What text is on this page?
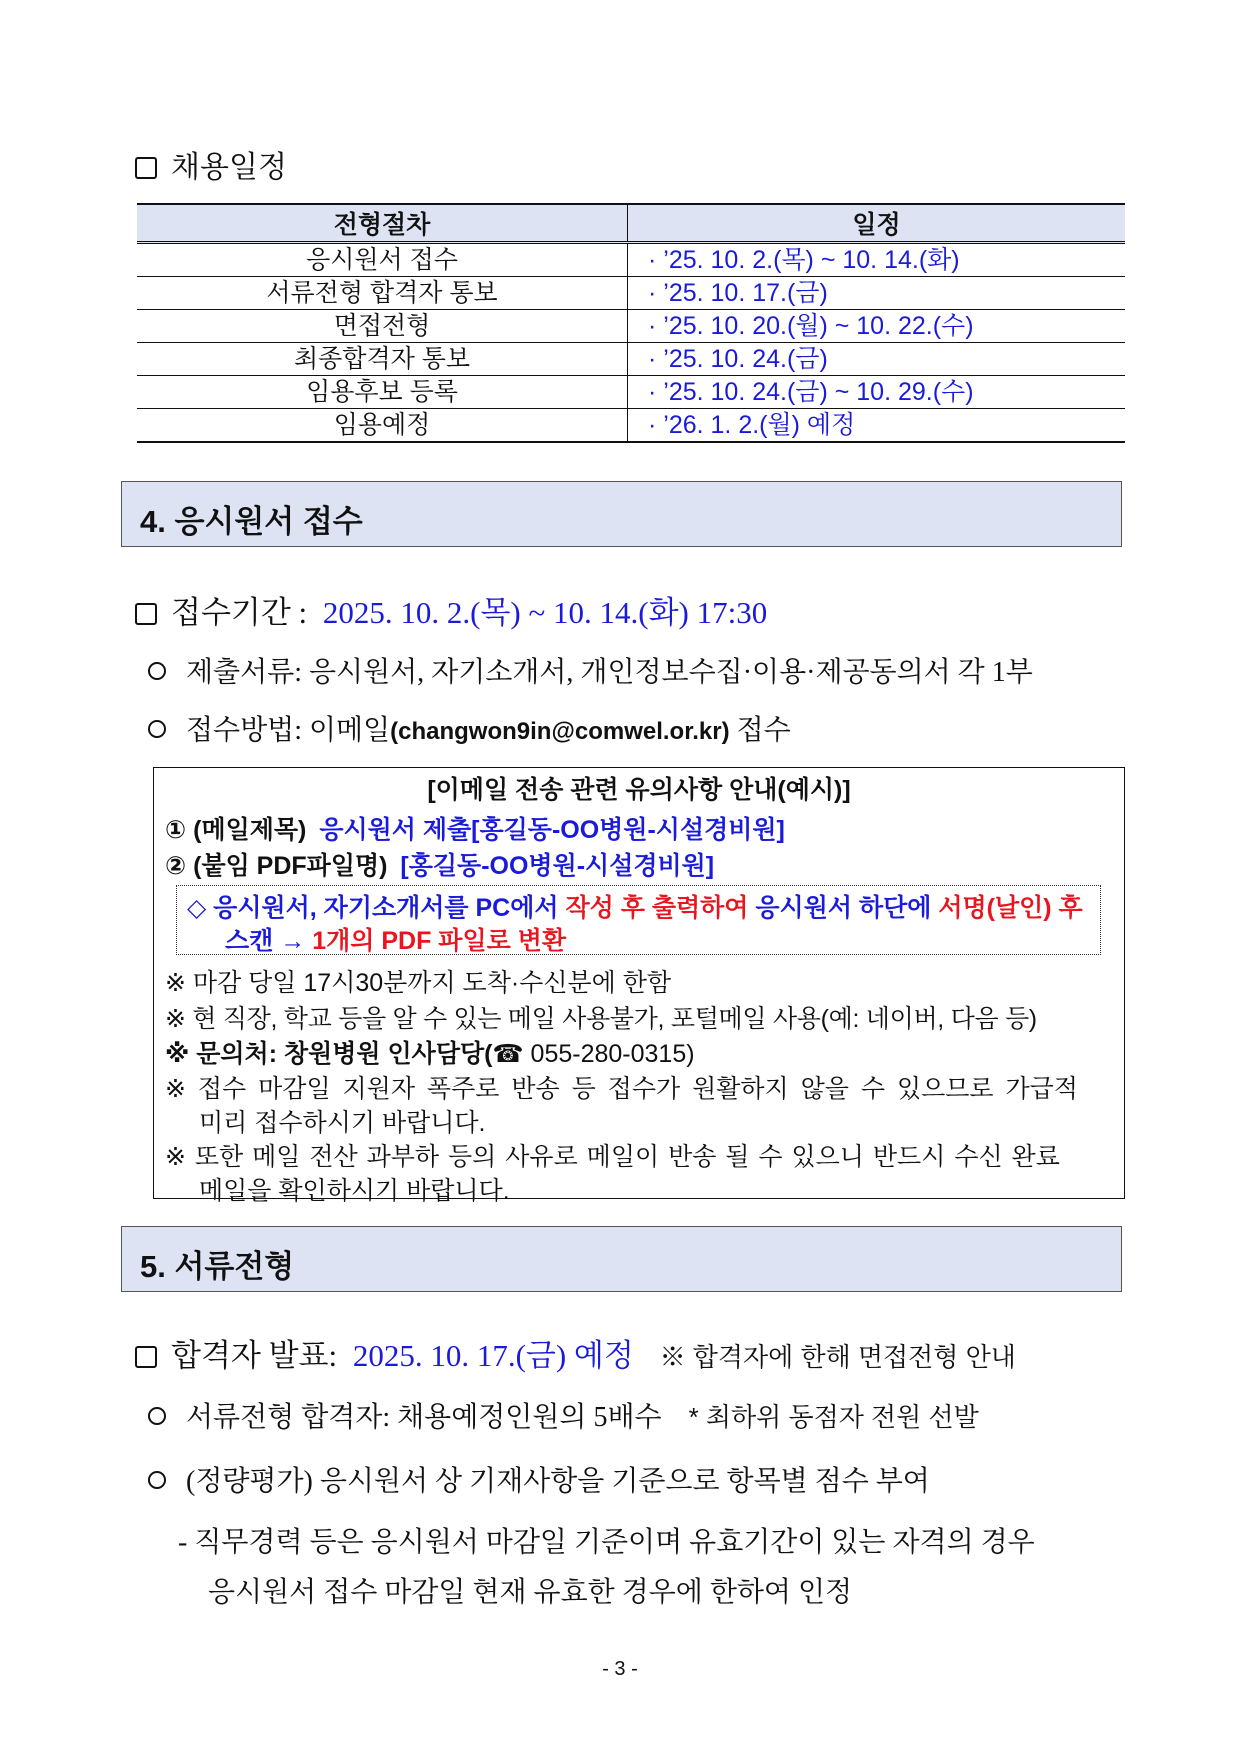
채용일정
전형절차	일정
응시원서 접수	· ’25. 10. 2.(목) ~ 10. 14.(화)
서류전형 합격자 통보	· ’25. 10. 17.(금)
면접전형	· ’25. 10. 20.(월) ~ 10. 22.(수)
최종합격자 통보	· ’25. 10. 24.(금)
임용후보 등록	· ’25. 10. 24.(금) ~ 10. 29.(수)
임용예정	· ’26. 1. 2.(월) 예정
4. 응시원서 접수
접수기간 : 2025. 10. 2.(목) ~ 10. 14.(화) 17:30
제출서류: 응시원서, 자기소개서, 개인정보수집·이용·제공동의서 각 1부
접수방법: 이메일(changwon9in@comwel.or.kr) 접수
[이메일 전송 관련 유의사항 안내(예시)]
① (메일제목) 응시원서 제출[홍길동-OO병원-시설경비원]
② (붙임 PDF파일명) [홍길동-OO병원-시설경비원]
◇ 응시원서, 자기소개서를 PC에서 작성 후 출력하여 응시원서 하단에 서명(날인) 후
스캔 → 1개의 PDF 파일로 변환
※ 마감 당일 17시30분까지 도착·수신분에 한함
※ 현 직장, 학교 등을 알 수 있는 메일 사용불가, 포털메일 사용(예: 네이버, 다음 등)
※ 문의처: 창원병원 인사담당(☎ 055-280-0315)
※ 접수 마감일 지원자 폭주로 반송 등 접수가 원활하지 않을 수 있으므로 가급적
미리 접수하시기 바랍니다.
※ 또한 메일 전산 과부하 등의 사유로 메일이 반송 될 수 있으니 반드시 수신 완료
메일을 확인하시기 바랍니다.
5. 서류전형
합격자 발표: 2025. 10. 17.(금) 예정 ※ 합격자에 한해 면접전형 안내
서류전형 합격자: 채용예정인원의 5배수 * 최하위 동점자 전원 선발
(정량평가) 응시원서 상 기재사항을 기준으로 항목별 점수 부여
- 직무경력 등은 응시원서 마감일 기준이며 유효기간이 있는 자격의 경우
응시원서 접수 마감일 현재 유효한 경우에 한하여 인정
- 3 -
